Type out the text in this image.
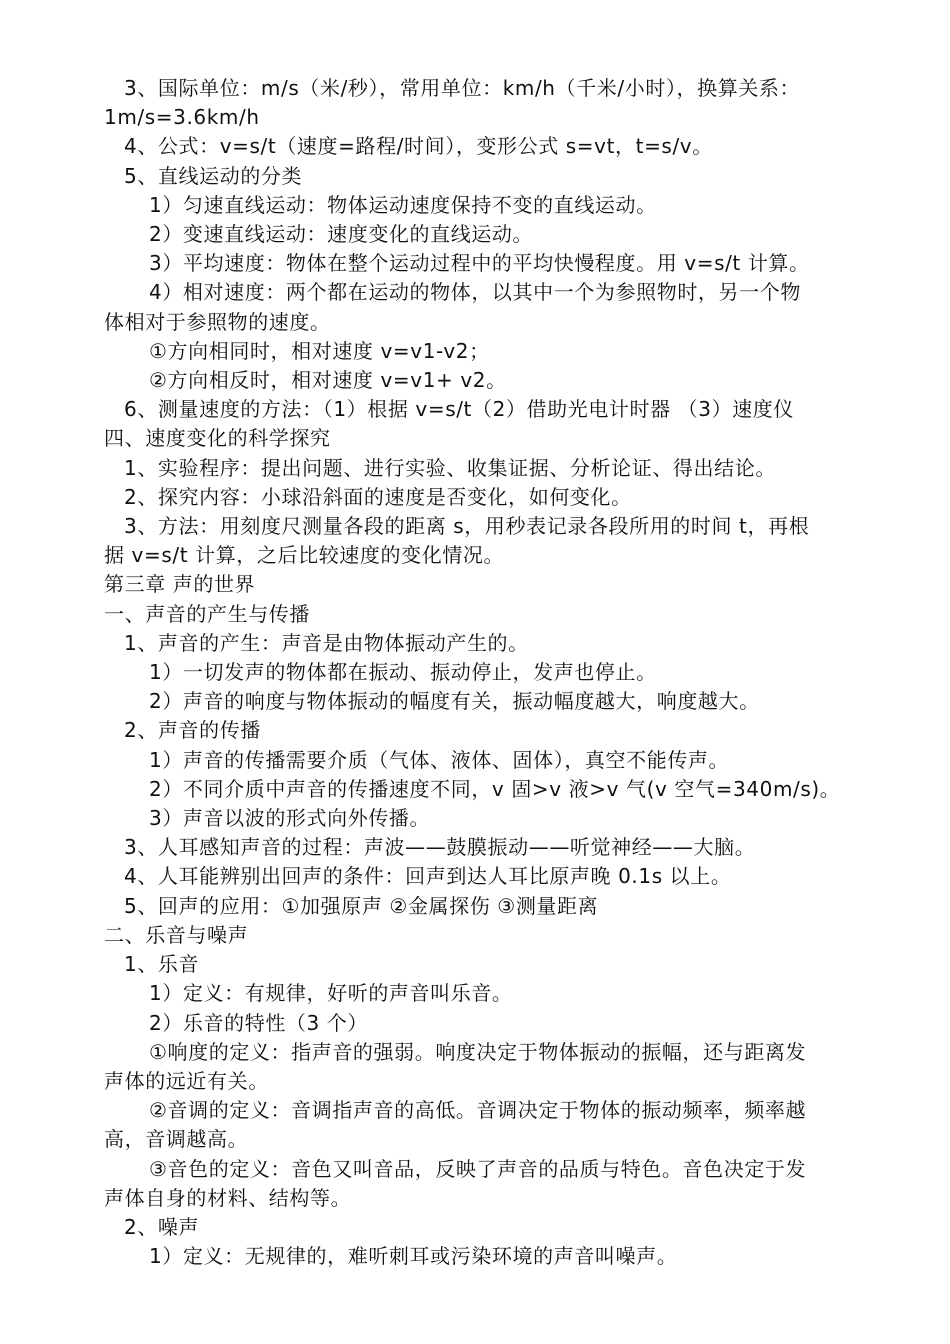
3、国际单位：m/s（米/秒），常用单位：km/h（千米/小时），换算关系：
1m/s=3.6km/h
4、公式：v=s/t（速度=路程/时间），变形公式 s=vt，t=s/v。
5、直线运动的分类
1）匀速直线运动：物体运动速度保持不变的直线运动。
2）变速直线运动：速度变化的直线运动。
3）平均速度：物体在整个运动过程中的平均快慢程度。用 v=s/t 计算。
4）相对速度：两个都在运动的物体，以其中一个为参照物时，另一个物
体相对于参照物的速度。
①方向相同时，相对速度 v=v1-v2；
②方向相反时，相对速度 v=v1+ v2。
6、测量速度的方法：（1）根据 v=s/t（2）借助光电计时器 （3）速度仪
四、速度变化的科学探究
1、实验程序：提出问题、进行实验、收集证据、分析论证、得出结论。
2、探究内容：小球沿斜面的速度是否变化，如何变化。
3、方法：用刻度尺测量各段的距离 s，用秒表记录各段所用的时间 t，再根
据 v=s/t 计算，之后比较速度的变化情况。
第三章 声的世界
一、声音的产生与传播
1、声音的产生：声音是由物体振动产生的。
1）一切发声的物体都在振动、振动停止，发声也停止。
2）声音的响度与物体振动的幅度有关，振动幅度越大，响度越大。
2、声音的传播
1）声音的传播需要介质（气体、液体、固体），真空不能传声。
2）不同介质中声音的传播速度不同，v 固>v 液>v 气(v 空气=340m/s)。
3）声音以波的形式向外传播。
3、人耳感知声音的过程：声波——鼓膜振动——听觉神经——大脑。
4、人耳能辨别出回声的条件：回声到达人耳比原声晚 0.1s 以上。
5、回声的应用：①加强原声 ②金属探伤 ③测量距离
二、乐音与噪声
1、乐音
1）定义：有规律，好听的声音叫乐音。
2）乐音的特性（3 个）
①响度的定义：指声音的强弱。响度决定于物体振动的振幅，还与距离发
声体的远近有关。
②音调的定义：音调指声音的高低。音调决定于物体的振动频率，频率越
高，音调越高。
③音色的定义：音色又叫音品，反映了声音的品质与特色。音色决定于发
声体自身的材料、结构等。
2、噪声
1）定义：无规律的，难听刺耳或污染环境的声音叫噪声。
